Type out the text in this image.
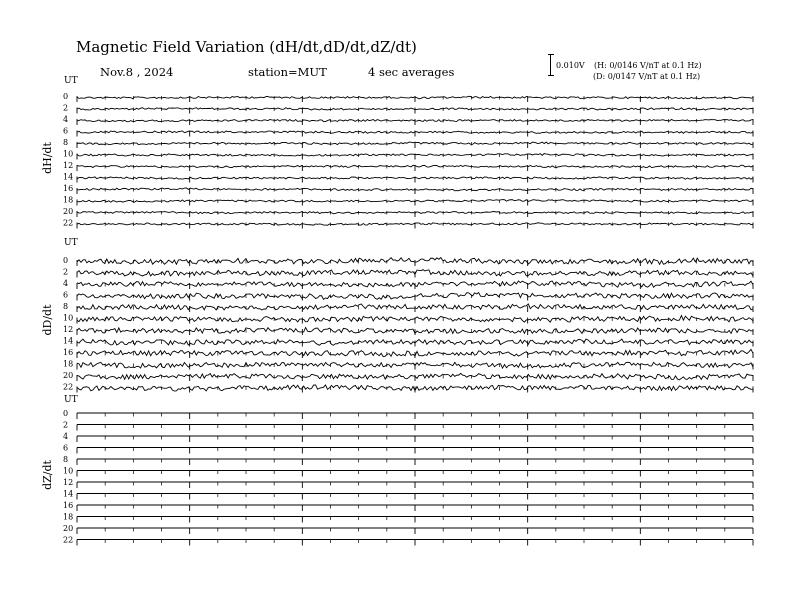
Magnetic Field Variation (dH/dt,dD/dt,dZ/dt)
Nov.8 , 2024	station=MUT	4 sec averages	0.010V (H: 0/0146 V/nT at 0.1 Hz)
(D: 0/0147 V/nT at 0.1 Hz)
UT
dH/dt
0
2
4
6
8
10
12
14
16
18
20
22
UT
dD/dt
0
2
4
6
8
10
12
14
16
18
20
22
UT
dZ/dt
0
2
4
6
8
10
12
14
16
18
20
22
